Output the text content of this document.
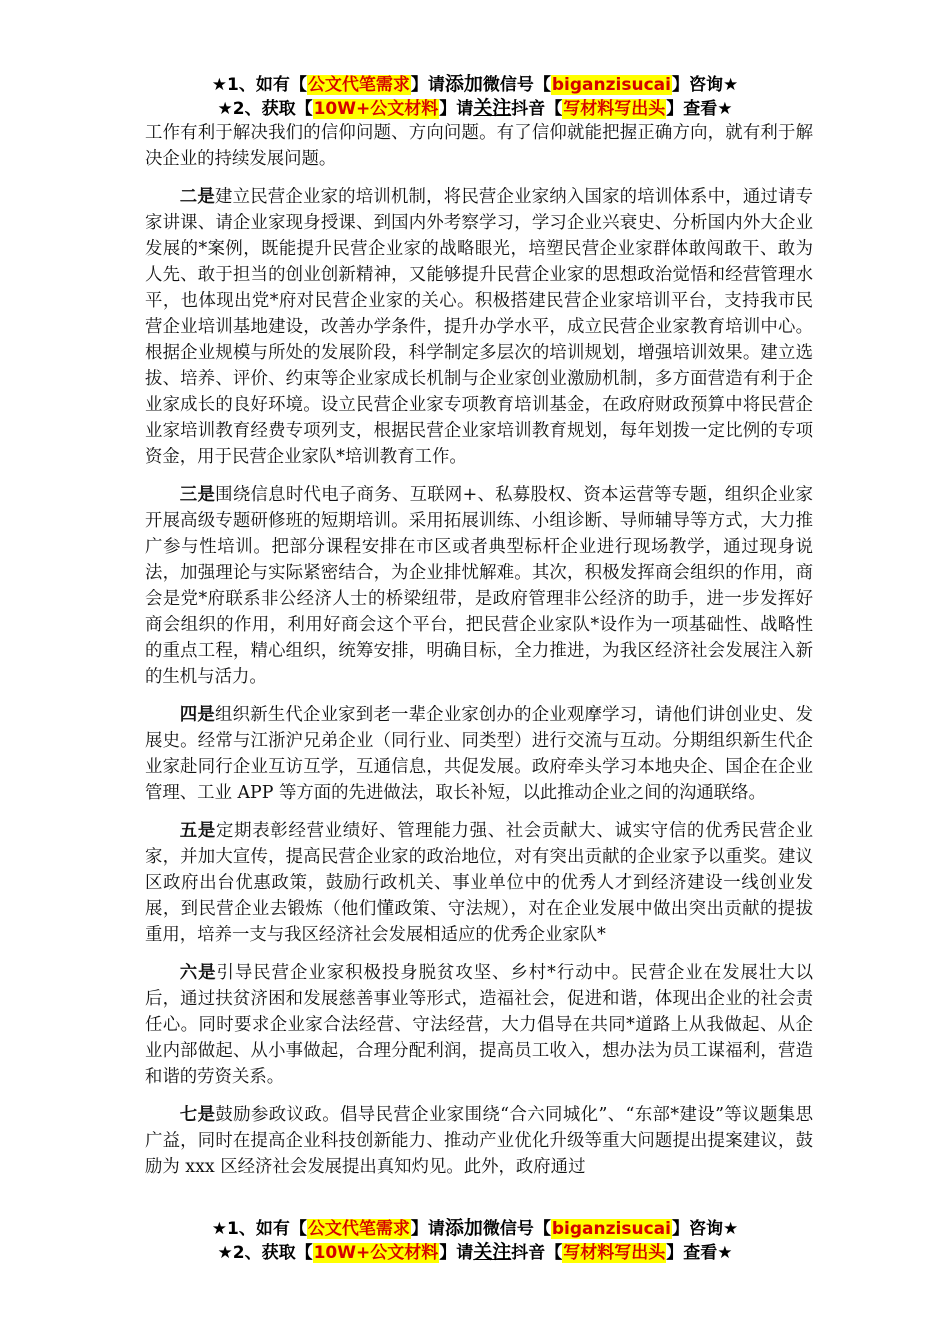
★1、如有【公文代笔需求】请添加微信号【biganzisucai】咨询★
★2、获取【10W+公文材料】请关注抖音【写材料写出头】查看★

工作有利于解决我们的信仰问题、方向问题。有了信仰就能把握正确方向，就有利于解决企业的持续发展问题。

二是建立民营企业家的培训机制，将民营企业家纳入国家的培训体系中，通过请专家讲课、请企业家现身授课、到国内外考察学习，学习企业兴衰史、分析国内外大企业发展的*案例，既能提升民营企业家的战略眼光，培塑民营企业家群体敢闯敢干、敢为人先、敢于担当的创业创新精神，又能够提升民营企业家的思想政治觉悟和经营管理水平，也体现出党*府对民营企业家的关心。积极搭建民营企业家培训平台，支持我市民营企业培训基地建设，改善办学条件，提升办学水平，成立民营企业家教育培训中心。根据企业规模与所处的发展阶段，科学制定多层次的培训规划，增强培训效果。建立选拔、培养、评价、约束等企业家成长机制与企业家创业激励机制，多方面营造有利于企业家成长的良好环境。设立民营企业家专项教育培训基金，在政府财政预算中将民营企业家培训教育经费专项列支，根据民营企业家培训教育规划，每年划拨一定比例的专项资金，用于民营企业家队*培训教育工作。

三是围绕信息时代电子商务、互联网+、私募股权、资本运营等专题，组织企业家开展高级专题研修班的短期培训。采用拓展训练、小组诊断、导师辅导等方式，大力推广参与性培训。把部分课程安排在市区或者典型标杆企业进行现场教学，通过现身说法，加强理论与实际紧密结合，为企业排忧解难。其次，积极发挥商会组织的作用，商会是党*府联系非公经济人士的桥梁纽带，是政府管理非公经济的助手，进一步发挥好商会组织的作用，利用好商会这个平台，把民营企业家队*设作为一项基础性、战略性的重点工程，精心组织，统筹安排，明确目标，全力推进，为我区经济社会发展注入新的生机与活力。

四是组织新生代企业家到老一辈企业家创办的企业观摩学习，请他们讲创业史、发展史。经常与江浙沪兄弟企业（同行业、同类型）进行交流与互动。分期组织新生代企业家赴同行企业互访互学，互通信息，共促发展。政府牵头学习本地央企、国企在企业管理、工业 APP 等方面的先进做法，取长补短，以此推动企业之间的沟通联络。

五是定期表彰经营业绩好、管理能力强、社会贡献大、诚实守信的优秀民营企业家，并加大宣传，提高民营企业家的政治地位，对有突出贡献的企业家予以重奖。建议区政府出台优惠政策，鼓励行政机关、事业单位中的优秀人才到经济建设一线创业发展，到民营企业去锻炼（他们懂政策、守法规），对在企业发展中做出突出贡献的提拔重用，培养一支与我区经济社会发展相适应的优秀企业家队*

六是引导民营企业家积极投身脱贫攻坚、乡村*行动中。民营企业在发展壮大以后，通过扶贫济困和发展慈善事业等形式，造福社会，促进和谐，体现出企业的社会责任心。同时要求企业家合法经营、守法经营，大力倡导在共同*道路上从我做起、从企业内部做起、从小事做起，合理分配利润，提高员工收入，想办法为员工谋福利，营造和谐的劳资关系。

七是鼓励参政议政。倡导民营企业家围绕“合六同城化”、“东部*建设”等议题集思广益，同时在提高企业科技创新能力、推动产业优化升级等重大问题提出提案建议，鼓励为 xxx 区经济社会发展提出真知灼见。此外，政府通过

★1、如有【公文代笔需求】请添加微信号【biganzisucai】咨询★
★2、获取【10W+公文材料】请关注抖音【写材料写出头】查看★
